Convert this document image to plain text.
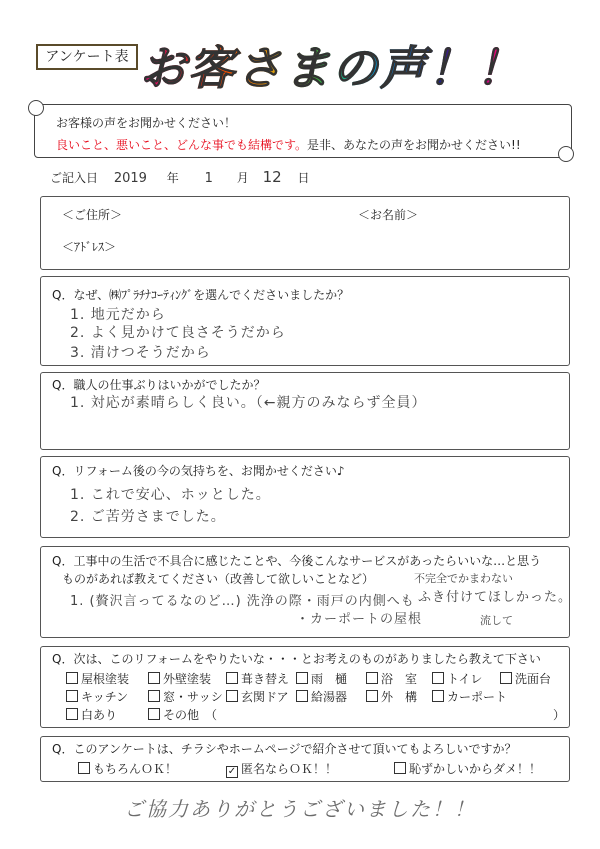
アンケート表 お客さまの声！！
お客様の声をお聞かせください！
良いこと、悪いこと、どんな事でも結構です。是非、あなたの声をお聞かせください!!
ご記入日 2019 年 1 月 12 日
＜ご住所＞	＜お名前＞
＜ｱﾄﾞﾚｽ＞
Q．なぜ、㈱ﾌﾟﾗﾁﾅｺｰﾃｨﾝｸﾞを選んでくださいましたか？
1. 地元だから
2. よく見かけて良さそうだから
3. 清けつそうだから
Q．職人の仕事ぶりはいかがでしたか？
1. 対応が素晴らしく良い。（←親方のみならず全員）
Q．リフォーム後の今の気持ちを、お聞かせください♪
1. これで安心、ホッとした。
2. ご苦労さまでした。
Q．工事中の生活で不具合に感じたことや、今後こんなサービスがあったらいいな…と思う
ものがあれば教えてください（改善して欲しいことなど）	不完全でかまわない
1. (贅沢言ってるなのど…) 洗浄の際・雨戸の内側へも ふき付けてほしかった。
・カーポートの屋根	流して
Q．次は、このリフォームをやりたいな・・・とお考えのものがありましたら教えて下さい
屋根塗装	外壁塗装	葺き替え	雨　樋	浴　室	トイレ	洗面台
キッチン	窓・サッシ	玄関ドア	給湯器	外　構	カーポート
白あり	その他　（　　　　　　　　　　　　　　　　　　　　　　　　　　　　）
Q．このアンケートは、チラシやホームページで紹介させて頂いてもよろしいですか？
もちろんＯＫ！	✓ 匿名ならＯＫ！！	恥ずかしいからダメ！！
ご協力ありがとうございました！！
